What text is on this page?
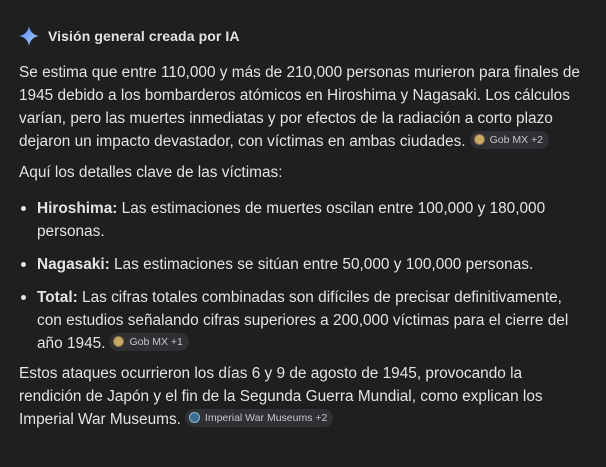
Visión general creada por IA
Se estima que entre 110,000 y más de 210,000 personas murieron para finales de 1945 debido a los bombarderos atómicos en Hiroshima y Nagasaki. Los cálculos varían, pero las muertes inmediatas y por efectos de la radiación a corto plazo dejaron un impacto devastador, con víctimas en ambas ciudades. Gob MX +2
Aquí los detalles clave de las víctimas:
Hiroshima: Las estimaciones de muertes oscilan entre 100,000 y 180,000 personas.
Nagasaki: Las estimaciones se sitúan entre 50,000 y 100,000 personas.
Total: Las cifras totales combinadas son difíciles de precisar definitivamente, con estudios señalando cifras superiores a 200,000 víctimas para el cierre del año 1945. Gob MX +1
Estos ataques ocurrieron los días 6 y 9 de agosto de 1945, provocando la rendición de Japón y el fin de la Segunda Guerra Mundial, como explican los Imperial War Museums. Imperial War Museums +2
